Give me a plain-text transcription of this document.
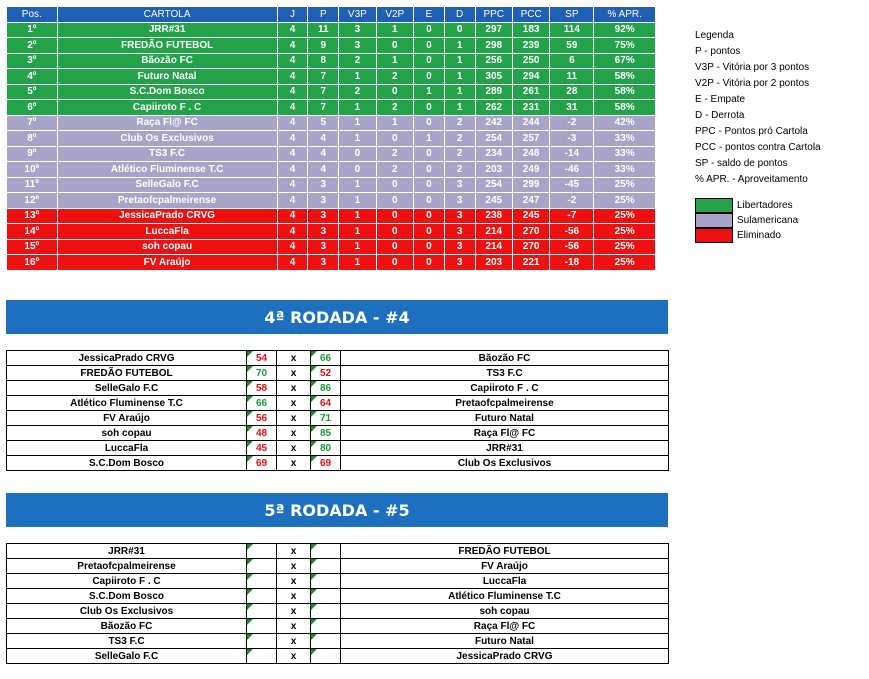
Pos.	CARTOLA	J	P	V3P	V2P	E	D	PPC	PCC	SP	% APR.
1º	JRR#31	4	11	3	1	0	0	297	183	114	92%
2º	FREDÃO FUTEBOL	4	9	3	0	0	1	298	239	59	75%
3º	Bãozão FC	4	8	2	1	0	1	256	250	6	67%
4º	Futuro Natal	4	7	1	2	0	1	305	294	11	58%
5º	S.C.Dom Bosco	4	7	2	0	1	1	289	261	28	58%
6º	Capiiroto F . C	4	7	1	2	0	1	262	231	31	58%
7º	Raça Fl@ FC	4	5	1	1	0	2	242	244	-2	42%
8º	Club Os Exclusivos	4	4	1	0	1	2	254	257	-3	33%
9º	TS3 F.C	4	4	0	2	0	2	234	248	-14	33%
10º	Atlético Fluminense T.C	4	4	0	2	0	2	203	249	-46	33%
11º	SelleGalo F.C	4	3	1	0	0	3	254	299	-45	25%
12º	Pretaofcpalmeirense	4	3	1	0	0	3	245	247	-2	25%
13º	JessicaPrado CRVG	4	3	1	0	0	3	238	245	-7	25%
14º	LuccaFla	4	3	1	0	0	3	214	270	-56	25%
15º	soh copau	4	3	1	0	0	3	214	270	-56	25%
16º	FV Araújo	4	3	1	0	0	3	203	221	-18	25%
Legenda
P - pontos
V3P - Vitória por 3 pontos
V2P - Vitória por 2 pontos
E - Empate
D - Derrota
PPC - Pontos pró Cartola
PCC - pontos contra Cartola
SP - saldo de pontos
% APR. - Aproveitamento
Libertadores
Sulamericana
Eliminado
4ª RODADA - #4
JessicaPrado CRVG	54	x	66	Bãozão FC
FREDÃO FUTEBOL	70	x	52	TS3 F.C
SelleGalo F.C	58	x	86	Capiiroto F . C
Atlético Fluminense T.C	66	x	64	Pretaofcpalmeirense
FV Araújo	56	x	71	Futuro Natal
soh copau	48	x	85	Raça Fl@ FC
LuccaFla	45	x	80	JRR#31
S.C.Dom Bosco	69	x	69	Club Os Exclusivos
5ª RODADA - #5
JRR#31		x		FREDÃO FUTEBOL
Pretaofcpalmeirense		x		FV Araújo
Capiiroto F . C		x		LuccaFla
S.C.Dom Bosco		x		Atlético Fluminense T.C
Club Os Exclusivos		x		soh copau
Bãozão FC		x		Raça Fl@ FC
TS3 F.C		x		Futuro Natal
SelleGalo F.C		x		JessicaPrado CRVG
